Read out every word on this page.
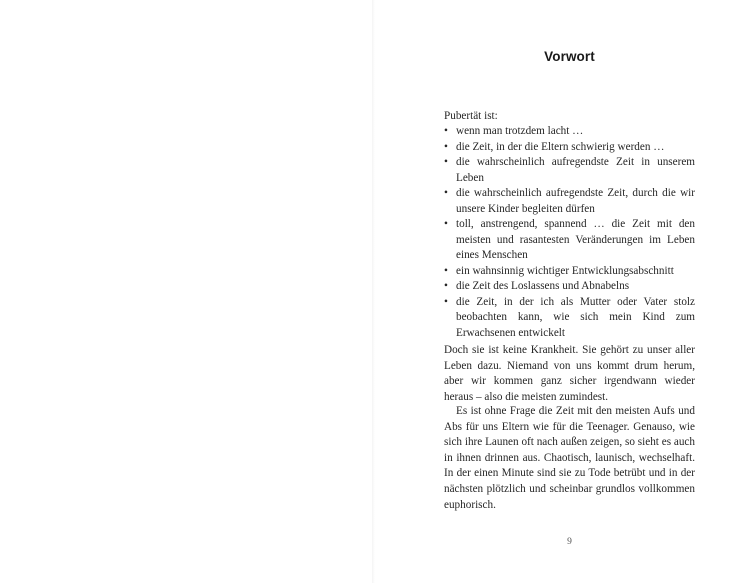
Vorwort

Pubertät ist:

• wenn man trotzdem lacht …
• die Zeit, in der die Eltern schwierig werden …
• die wahrscheinlich aufregendste Zeit in unserem Leben
• die wahrscheinlich aufregendste Zeit, durch die wir unsere Kinder begleiten dürfen
• toll, anstrengend, spannend … die Zeit mit den meisten und rasantesten Veränderungen im Leben eines Menschen
• ein wahnsinnig wichtiger Entwicklungsabschnitt
• die Zeit des Loslassens und Abnabelns
• die Zeit, in der ich als Mutter oder Vater stolz beobachten kann, wie sich mein Kind zum Erwachsenen entwickelt

Doch sie ist keine Krankheit. Sie gehört zu unser aller Leben dazu. Niemand von uns kommt drum herum, aber wir kommen ganz sicher irgendwann wieder heraus – also die meisten zumindest.

Es ist ohne Frage die Zeit mit den meisten Aufs und Abs für uns Eltern wie für die Teenager. Genauso, wie sich ihre Launen oft nach außen zeigen, so sieht es auch in ihnen drinnen aus. Chaotisch, launisch, wechselhaft. In der einen Minute sind sie zu Tode betrübt und in der nächsten plötzlich und scheinbar grundlos vollkommen euphorisch.

9
